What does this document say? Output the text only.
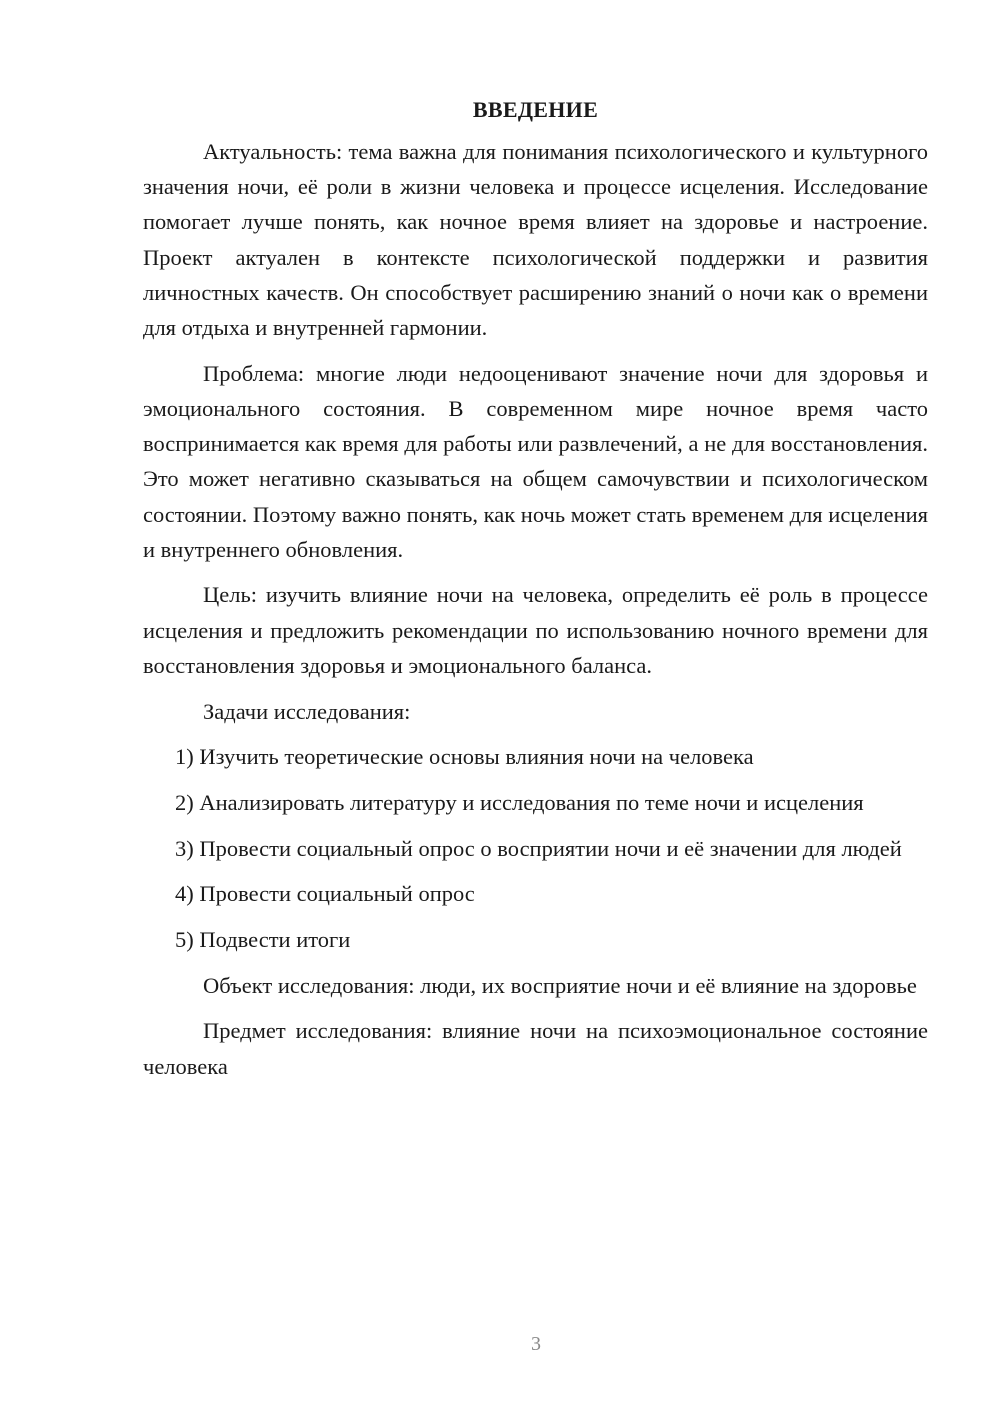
ВВЕДЕНИЕ

Актуальность: тема важна для понимания психологического и культурного значения ночи, её роли в жизни человека и процессе исцеления. Исследование помогает лучше понять, как ночное время влияет на здоровье и настроение. Проект актуален в контексте психологической поддержки и развития личностных качеств. Он способствует расширению знаний о ночи как о времени для отдыха и внутренней гармонии.

Проблема: многие люди недооценивают значение ночи для здоровья и эмоционального состояния. В современном мире ночное время часто воспринимается как время для работы или развлечений, а не для восстановления. Это может негативно сказываться на общем самочувствии и психологическом состоянии. Поэтому важно понять, как ночь может стать временем для исцеления и внутреннего обновления.

Цель: изучить влияние ночи на человека, определить её роль в процессе исцеления и предложить рекомендации по использованию ночного времени для восстановления здоровья и эмоционального баланса.

Задачи исследования:

1) Изучить теоретические основы влияния ночи на человека

2) Анализировать литературу и исследования по теме ночи и исцеления

3) Провести социальный опрос о восприятии ночи и её значении для людей

4) Провести социальный опрос

5) Подвести итоги

Объект исследования: люди, их восприятие ночи и её влияние на здоровье

Предмет исследования: влияние ночи на психоэмоциональное состояние человека

3
